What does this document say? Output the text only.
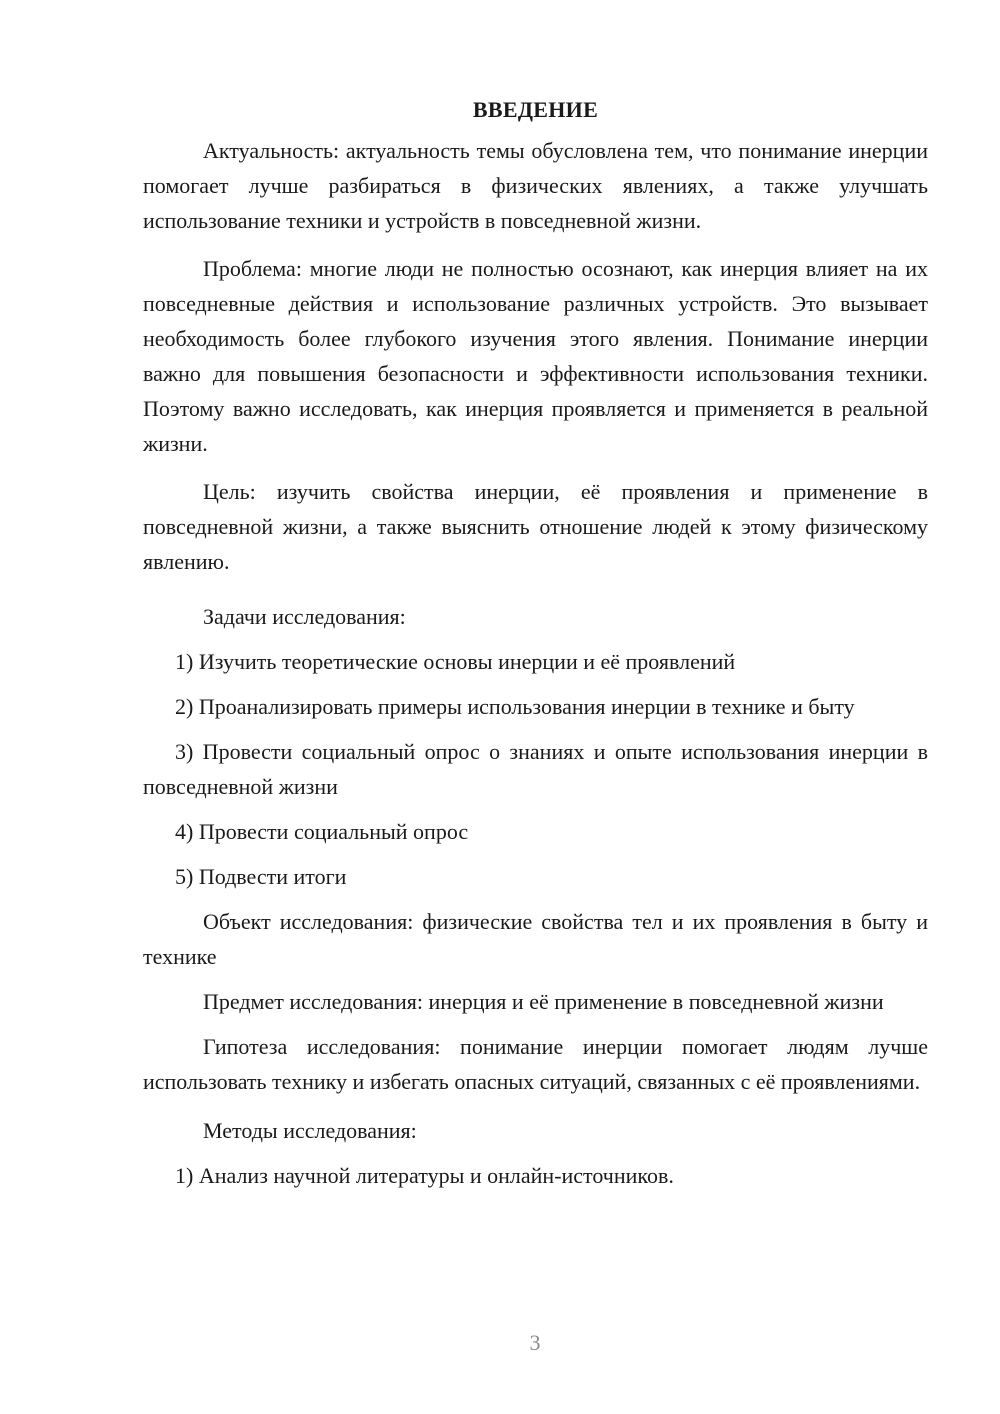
ВВЕДЕНИЕ

Актуальность: актуальность темы обусловлена тем, что понимание инерции помогает лучше разбираться в физических явлениях, а также улучшать использование техники и устройств в повседневной жизни.

Проблема: многие люди не полностью осознают, как инерция влияет на их повседневные действия и использование различных устройств. Это вызывает необходимость более глубокого изучения этого явления. Понимание инерции важно для повышения безопасности и эффективности использования техники. Поэтому важно исследовать, как инерция проявляется и применяется в реальной жизни.

Цель: изучить свойства инерции, её проявления и применение в повседневной жизни, а также выяснить отношение людей к этому физическому явлению.

Задачи исследования:

1) Изучить теоретические основы инерции и её проявлений

2) Проанализировать примеры использования инерции в технике и быту

3) Провести социальный опрос о знаниях и опыте использования инерции в повседневной жизни

4) Провести социальный опрос

5) Подвести итоги

Объект исследования: физические свойства тел и их проявления в быту и технике

Предмет исследования: инерция и её применение в повседневной жизни

Гипотеза исследования: понимание инерции помогает людям лучше использовать технику и избегать опасных ситуаций, связанных с её проявлениями.

Методы исследования:

1) Анализ научной литературы и онлайн-источников.

3
